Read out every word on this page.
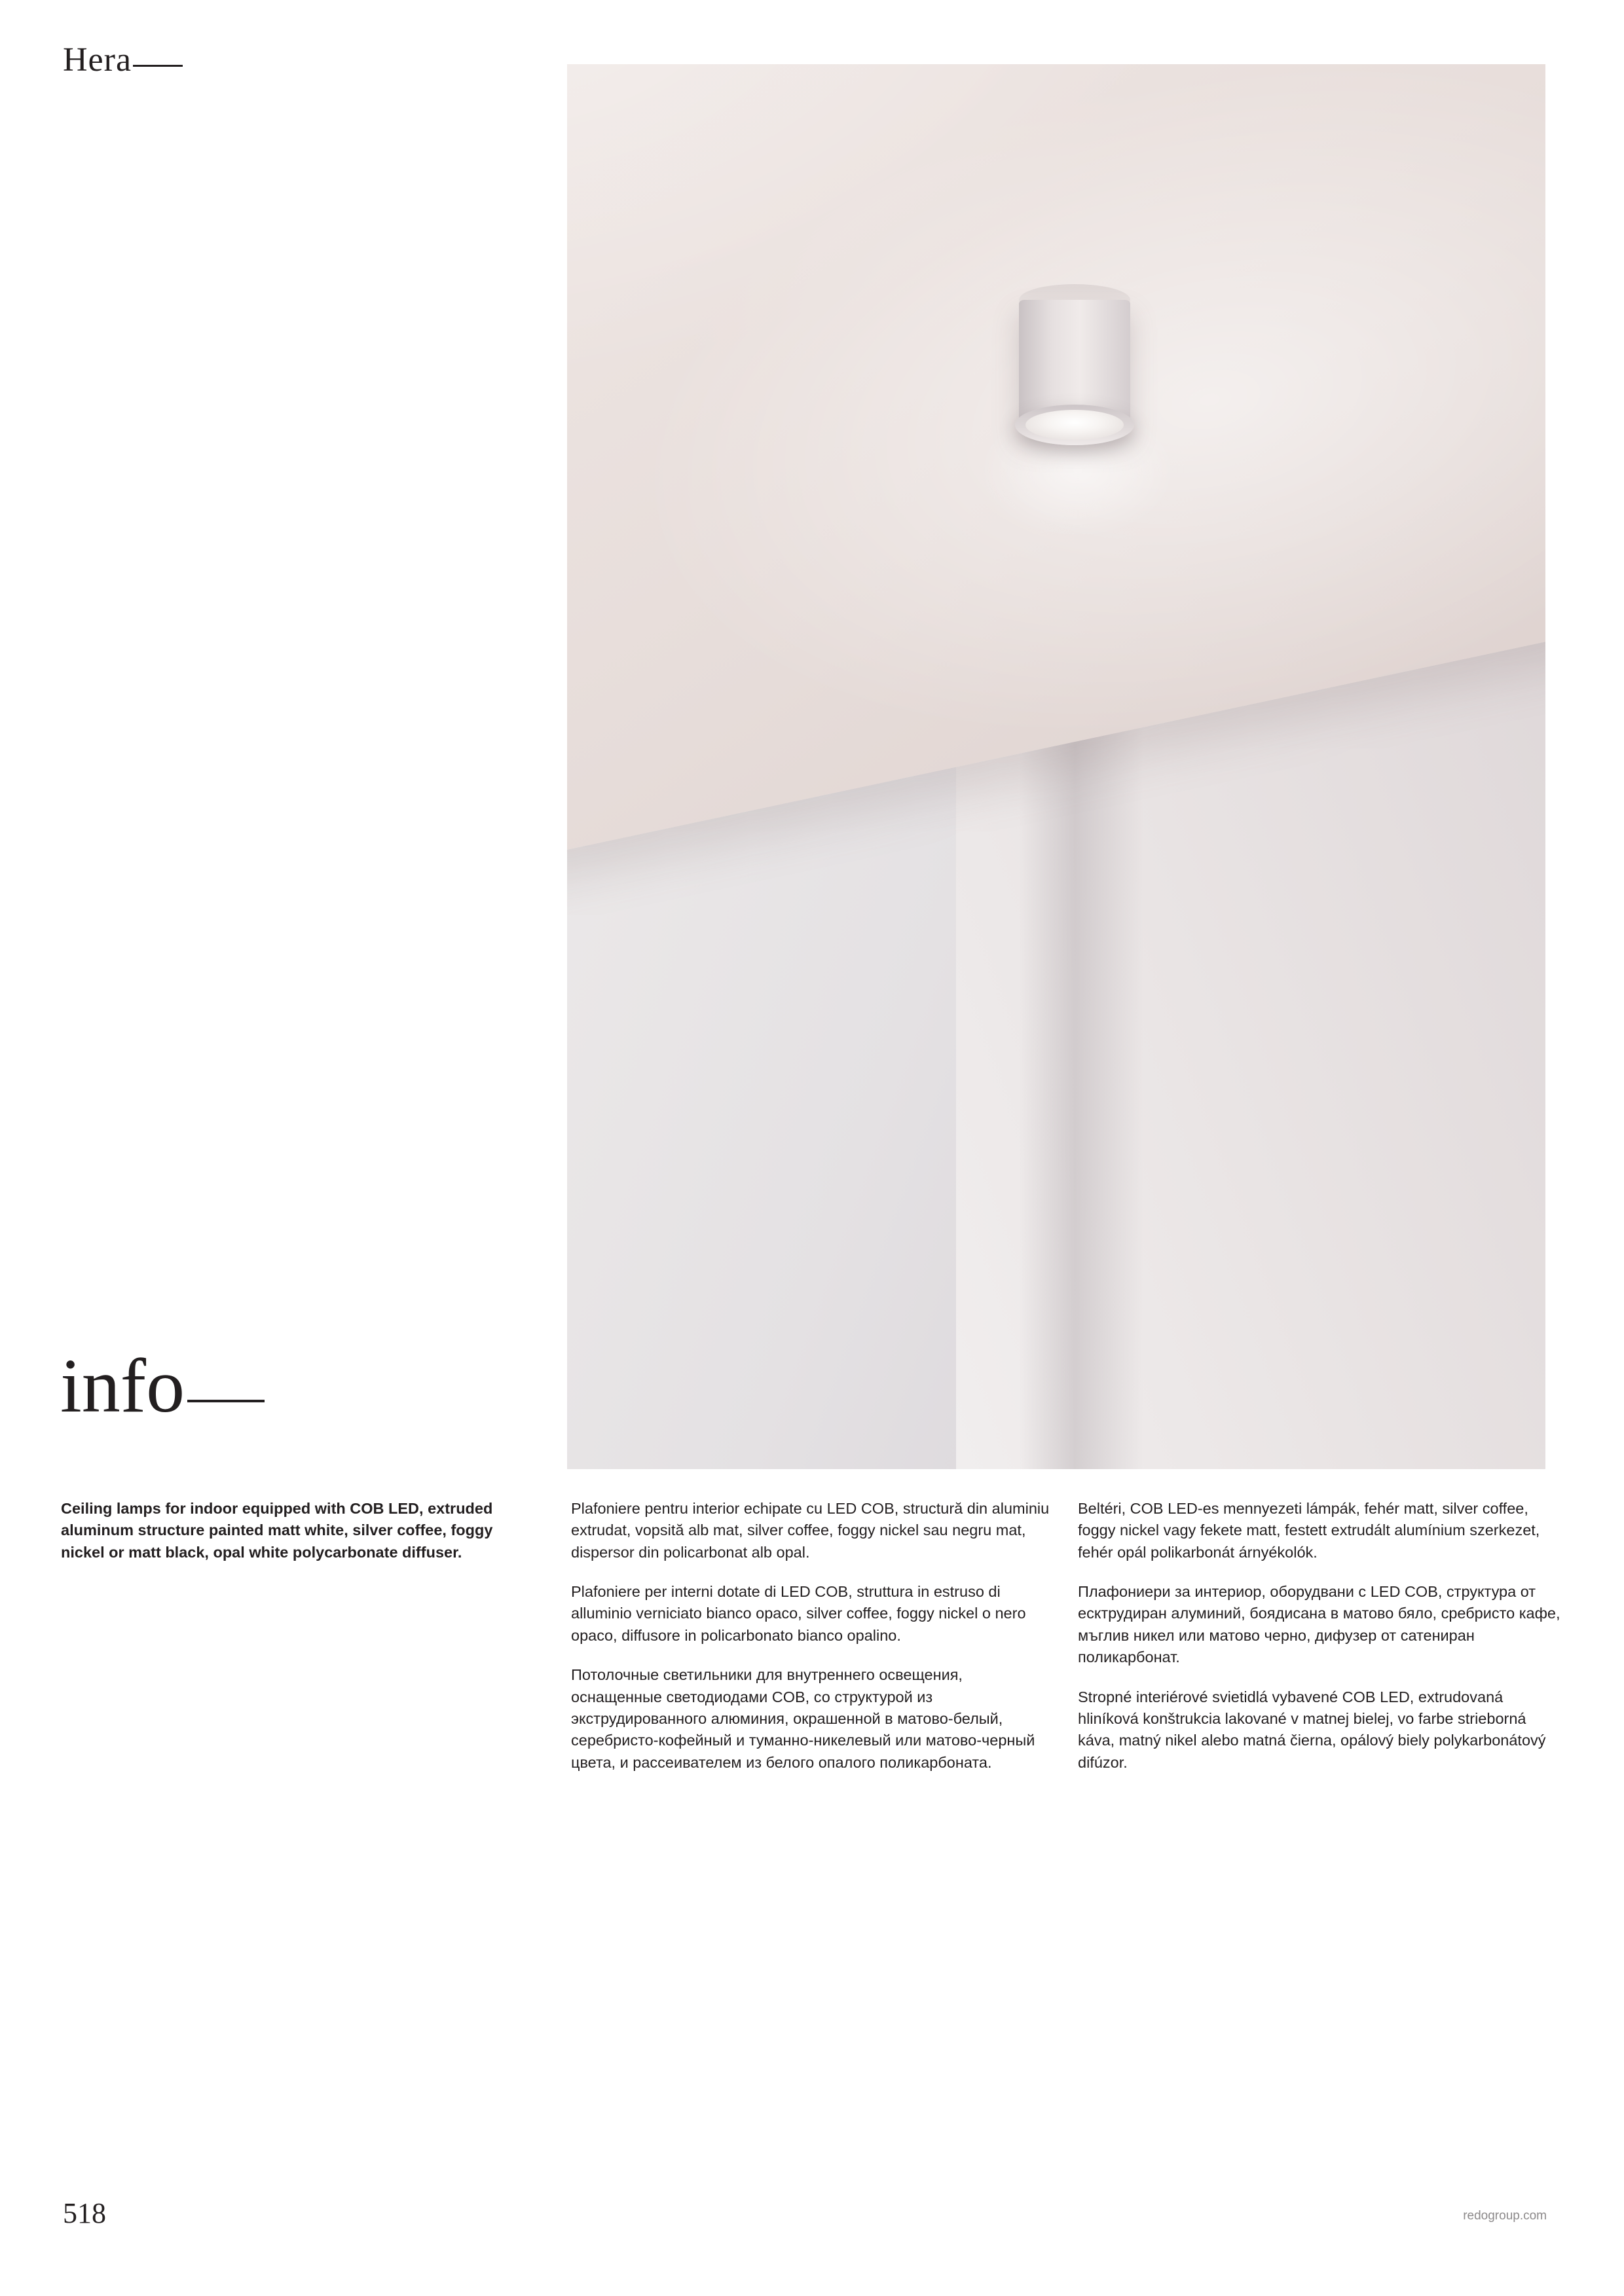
Hera
info

Ceiling lamps for indoor equipped with COB LED, extruded aluminum structure painted matt white, silver coffee, foggy nickel or matt black, opal white polycarbonate diffuser.

Plafoniere pentru interior echipate cu LED COB, structură din aluminiu extrudat, vopsită alb mat, silver coffee, foggy nickel sau negru mat, dispersor din policarbonat alb opal.

Plafoniere per interni dotate di LED COB, struttura in estruso di alluminio verniciato bianco opaco, silver coffee, foggy nickel o nero opaco, diffusore in policarbonato bianco opalino.

Потолочные светильники для внутреннего освещения, оснащенные светодиодами COB, со структурой из экструдированного алюминия, окрашенной в матово-белый, серебристо-кофейный и туманно-никелевый или матово-черный цвета, и рассеивателем из белого опалого поликарбоната.

Beltéri, COB LED-es mennyezeti lámpák, fehér matt, silver coffee, foggy nickel vagy fekete matt, festett extrudált alumínium szerkezet, fehér opál polikarbonát árnyékolók.

Плафониери за интериор, оборудвани с LED COB, структура от есктрудиран алуминий, боядисана в матово бяло, сребристо кафе, мъглив никел или матово черно, дифузер от сатениран поликарбонат.

Stropné interiérové svietidlá vybavené COB LED, extrudovaná hliníková konštrukcia lakované v matnej bielej, vo farbe strieborná káva, matný nikel alebo matná čierna, opálový biely polykarbonátový difúzor.

518	redogroup.com
